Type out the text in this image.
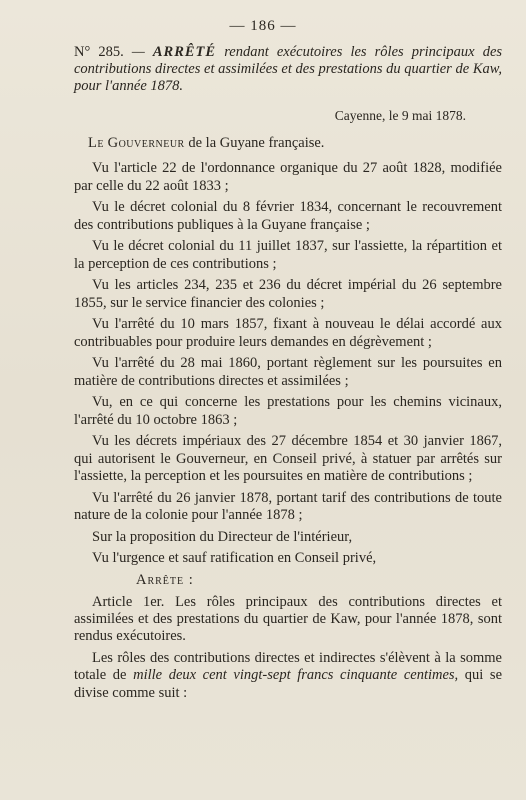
— 186 —
N° 285. — ARRÊTÉ rendant exécutoires les rôles principaux des contributions directes et assimilées et des prestations du quartier de Kaw, pour l'année 1878.
Cayenne, le 9 mai 1878.

Le Gouverneur de la Guyane française.

Vu l'article 22 de l'ordonnance organique du 27 août 1828, modifiée par celle du 22 août 1833 ;

Vu le décret colonial du 8 février 1834, concernant le recouvrement des contributions publiques à la Guyane française ;

Vu le décret colonial du 11 juillet 1837, sur l'assiette, la répartition et la perception de ces contributions ;

Vu les articles 234, 235 et 236 du décret impérial du 26 septembre 1855, sur le service financier des colonies ;

Vu l'arrêté du 10 mars 1857, fixant à nouveau le délai accordé aux contribuables pour produire leurs demandes en dégrèvement ;

Vu l'arrêté du 28 mai 1860, portant règlement sur les poursuites en matière de contributions directes et assimilées ;

Vu, en ce qui concerne les prestations pour les chemins vicinaux, l'arrêté du 10 octobre 1863 ;

Vu les décrets impériaux des 27 décembre 1854 et 30 janvier 1867, qui autorisent le Gouverneur, en Conseil privé, à statuer par arrêtés sur l'assiette, la perception et les poursuites en matière de contributions ;

Vu l'arrêté du 26 janvier 1878, portant tarif des contributions de toute nature de la colonie pour l'année 1878 ;

Sur la proposition du Directeur de l'intérieur,

Vu l'urgence et sauf ratification en Conseil privé,

Arrête :

Article 1er. Les rôles principaux des contributions directes et assimilées et des prestations du quartier de Kaw, pour l'année 1878, sont rendus exécutoires.

Les rôles des contributions directes et indirectes s'élèvent à la somme totale de mille deux cent vingt-sept francs cinquante centimes, qui se divise comme suit :
